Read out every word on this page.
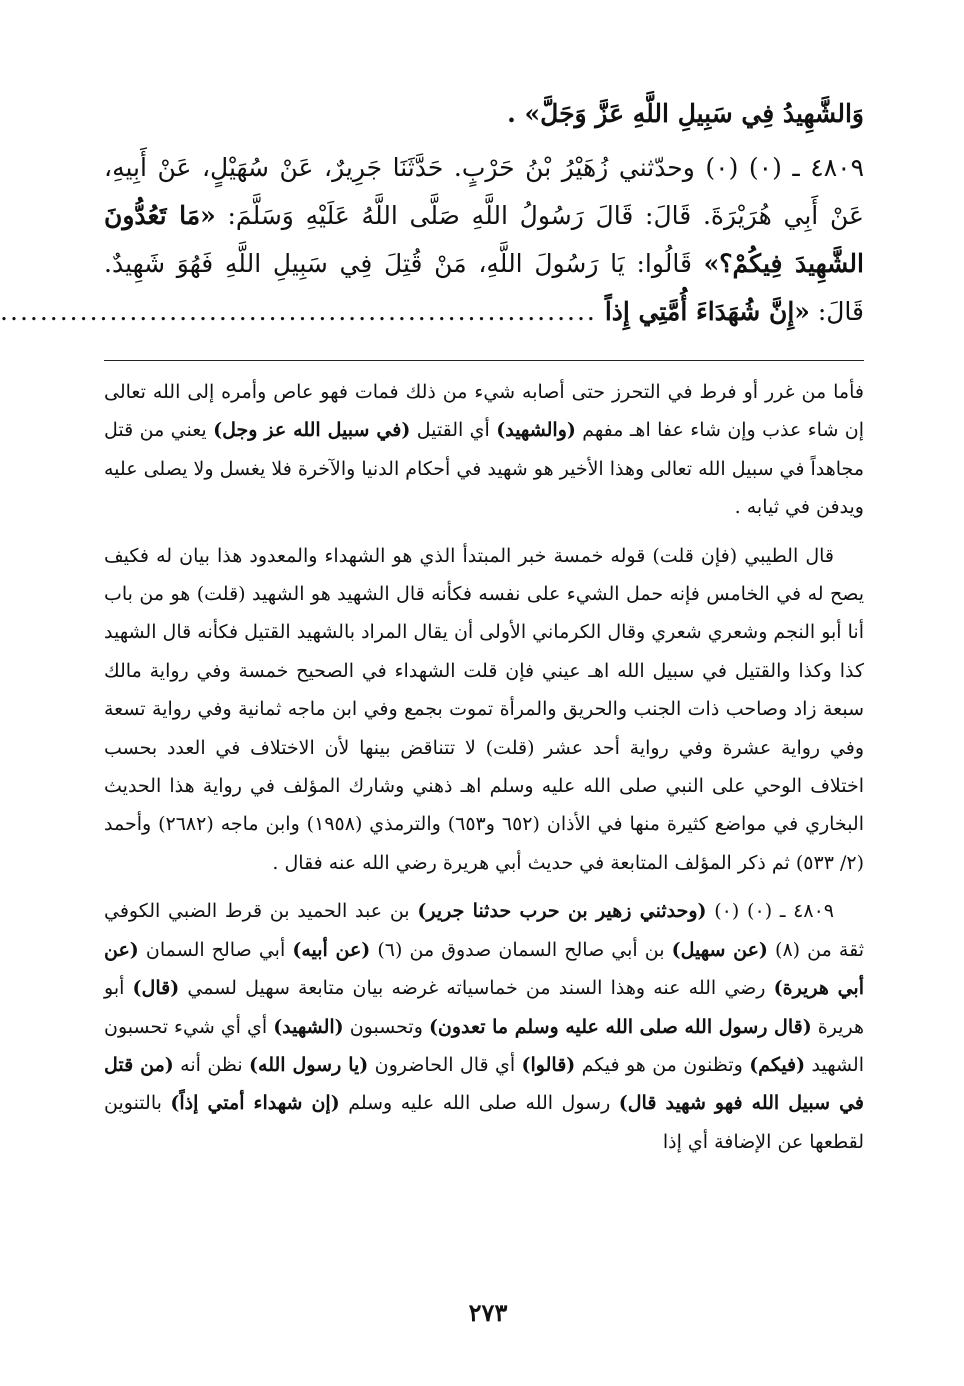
وَالشَّهِيدُ فِي سَبِيلِ اللَّهِ عَزَّ وَجَلَّ» .

٤٨٠٩ ـ (٠) (٠) وحدّثني زُهَيْرُ بْنُ حَرْبٍ. حَدَّثَنَا جَرِيرٌ، عَنْ سُهَيْلٍ، عَنْ أَبِيهِ، عَنْ أَبِي هُرَيْرَةَ. قَالَ: قَالَ رَسُولُ اللَّهِ صَلَّى اللَّهُ عَلَيْهِ وَسَلَّمَ: «مَا تَعُدُّونَ الشَّهِيدَ فِيكُمْ؟» قَالُوا: يَا رَسُولَ اللَّهِ، مَنْ قُتِلَ فِي سَبِيلِ اللَّهِ فَهُوَ شَهِيدٌ. قَالَ: «إِنَّ شُهَدَاءَ أُمَّتِي إِذاً ............................................................

فأما من غرر أو فرط في التحرز حتى أصابه شيء من ذلك فمات فهو عاص وأمره إلى الله تعالى إن شاء عذب وإن شاء عفا اهـ مفهم (والشهيد) أي القتيل (في سبيل الله عز وجل) يعني من قتل مجاهداً في سبيل الله تعالى وهذا الأخير هو شهيد في أحكام الدنيا والآخرة فلا يغسل ولا يصلى عليه ويدفن في ثيابه .

قال الطيبي (فإن قلت) قوله خمسة خبر المبتدأ الذي هو الشهداء والمعدود هذا بيان له فكيف يصح له في الخامس فإنه حمل الشيء على نفسه فكأنه قال الشهيد هو الشهيد (قلت) هو من باب أنا أبو النجم وشعري شعري وقال الكرماني الأولى أن يقال المراد بالشهيد القتيل فكأنه قال الشهيد كذا وكذا والقتيل في سبيل الله اهـ عيني فإن قلت الشهداء في الصحيح خمسة وفي رواية مالك سبعة زاد وصاحب ذات الجنب والحريق والمرأة تموت بجمع وفي ابن ماجه ثمانية وفي رواية تسعة وفي رواية عشرة وفي رواية أحد عشر (قلت) لا تتناقض بينها لأن الاختلاف في العدد بحسب اختلاف الوحي على النبي صلى الله عليه وسلم اهـ ذهني وشارك المؤلف في رواية هذا الحديث البخاري في مواضع كثيرة منها في الأذان (٦٥٢ و٦٥٣) والترمذي (١٩٥٨) وابن ماجه (٢٦٨٢) وأحمد (٢/ ٥٣٣) ثم ذكر المؤلف المتابعة في حديث أبي هريرة رضي الله عنه فقال .

٤٨٠٩ ـ (٠) (٠) (وحدثني زهير بن حرب حدثنا جرير) بن عبد الحميد بن قرط الضبي الكوفي ثقة من (٨) (عن سهيل) بن أبي صالح السمان صدوق من (٦) (عن أبيه) أبي صالح السمان (عن أبي هريرة) رضي الله عنه وهذا السند من خماسياته غرضه بيان متابعة سهيل لسمي (قال) أبو هريرة (قال رسول الله صلى الله عليه وسلم ما تعدون) وتحسبون (الشهيد) أي أي شيء تحسبون الشهيد (فيكم) وتظنون من هو فيكم (قالوا) أي قال الحاضرون (يا رسول الله) نظن أنه (من قتل في سبيل الله فهو شهيد قال) رسول الله صلى الله عليه وسلم (إن شهداء أمتي إذاً) بالتنوين لقطعها عن الإضافة أي إذا

٢٧٣
